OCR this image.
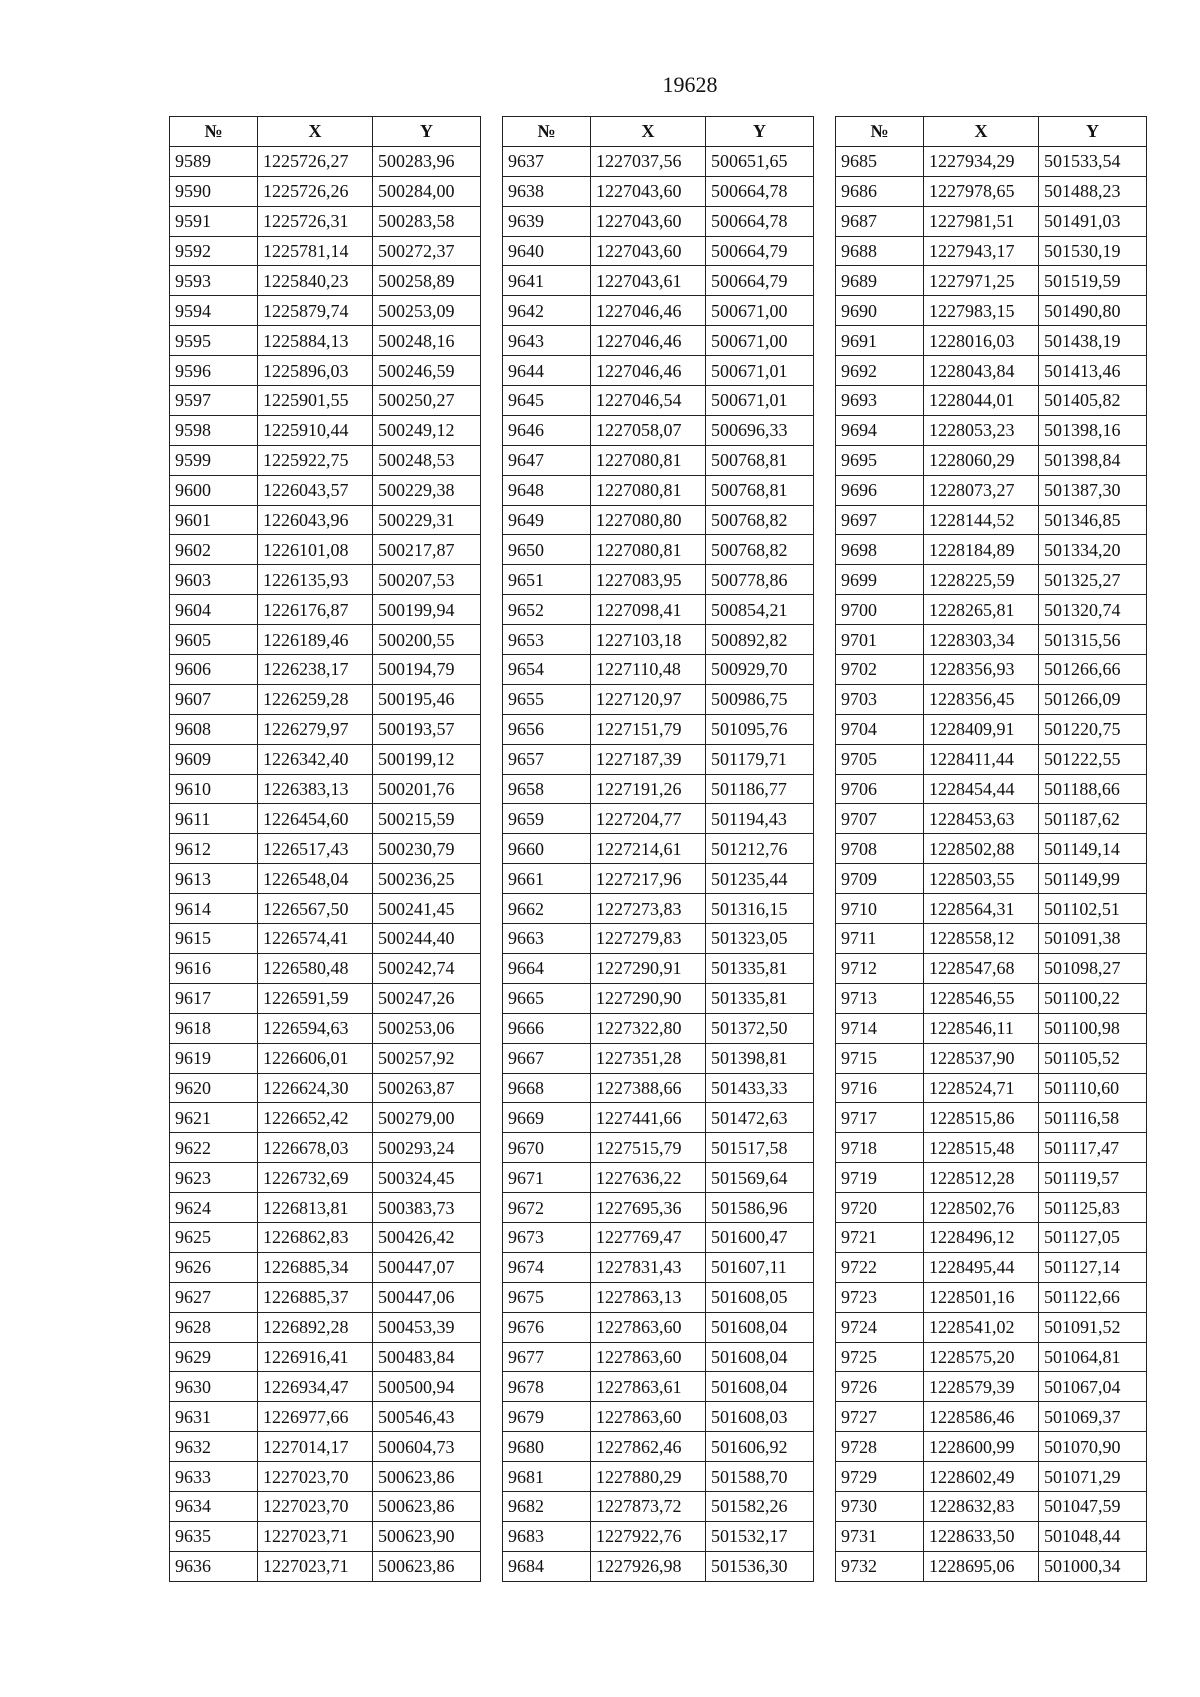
19628
№	X	Y
9589	1225726,27	500283,96
9590	1225726,26	500284,00
9591	1225726,31	500283,58
9592	1225781,14	500272,37
9593	1225840,23	500258,89
9594	1225879,74	500253,09
9595	1225884,13	500248,16
9596	1225896,03	500246,59
9597	1225901,55	500250,27
9598	1225910,44	500249,12
9599	1225922,75	500248,53
9600	1226043,57	500229,38
9601	1226043,96	500229,31
9602	1226101,08	500217,87
9603	1226135,93	500207,53
9604	1226176,87	500199,94
9605	1226189,46	500200,55
9606	1226238,17	500194,79
9607	1226259,28	500195,46
9608	1226279,97	500193,57
9609	1226342,40	500199,12
9610	1226383,13	500201,76
9611	1226454,60	500215,59
9612	1226517,43	500230,79
9613	1226548,04	500236,25
9614	1226567,50	500241,45
9615	1226574,41	500244,40
9616	1226580,48	500242,74
9617	1226591,59	500247,26
9618	1226594,63	500253,06
9619	1226606,01	500257,92
9620	1226624,30	500263,87
9621	1226652,42	500279,00
9622	1226678,03	500293,24
9623	1226732,69	500324,45
9624	1226813,81	500383,73
9625	1226862,83	500426,42
9626	1226885,34	500447,07
9627	1226885,37	500447,06
9628	1226892,28	500453,39
9629	1226916,41	500483,84
9630	1226934,47	500500,94
9631	1226977,66	500546,43
9632	1227014,17	500604,73
9633	1227023,70	500623,86
9634	1227023,70	500623,86
9635	1227023,71	500623,90
9636	1227023,71	500623,86
№	X	Y
9637	1227037,56	500651,65
9638	1227043,60	500664,78
9639	1227043,60	500664,78
9640	1227043,60	500664,79
9641	1227043,61	500664,79
9642	1227046,46	500671,00
9643	1227046,46	500671,00
9644	1227046,46	500671,01
9645	1227046,54	500671,01
9646	1227058,07	500696,33
9647	1227080,81	500768,81
9648	1227080,81	500768,81
9649	1227080,80	500768,82
9650	1227080,81	500768,82
9651	1227083,95	500778,86
9652	1227098,41	500854,21
9653	1227103,18	500892,82
9654	1227110,48	500929,70
9655	1227120,97	500986,75
9656	1227151,79	501095,76
9657	1227187,39	501179,71
9658	1227191,26	501186,77
9659	1227204,77	501194,43
9660	1227214,61	501212,76
9661	1227217,96	501235,44
9662	1227273,83	501316,15
9663	1227279,83	501323,05
9664	1227290,91	501335,81
9665	1227290,90	501335,81
9666	1227322,80	501372,50
9667	1227351,28	501398,81
9668	1227388,66	501433,33
9669	1227441,66	501472,63
9670	1227515,79	501517,58
9671	1227636,22	501569,64
9672	1227695,36	501586,96
9673	1227769,47	501600,47
9674	1227831,43	501607,11
9675	1227863,13	501608,05
9676	1227863,60	501608,04
9677	1227863,60	501608,04
9678	1227863,61	501608,04
9679	1227863,60	501608,03
9680	1227862,46	501606,92
9681	1227880,29	501588,70
9682	1227873,72	501582,26
9683	1227922,76	501532,17
9684	1227926,98	501536,30
№	X	Y
9685	1227934,29	501533,54
9686	1227978,65	501488,23
9687	1227981,51	501491,03
9688	1227943,17	501530,19
9689	1227971,25	501519,59
9690	1227983,15	501490,80
9691	1228016,03	501438,19
9692	1228043,84	501413,46
9693	1228044,01	501405,82
9694	1228053,23	501398,16
9695	1228060,29	501398,84
9696	1228073,27	501387,30
9697	1228144,52	501346,85
9698	1228184,89	501334,20
9699	1228225,59	501325,27
9700	1228265,81	501320,74
9701	1228303,34	501315,56
9702	1228356,93	501266,66
9703	1228356,45	501266,09
9704	1228409,91	501220,75
9705	1228411,44	501222,55
9706	1228454,44	501188,66
9707	1228453,63	501187,62
9708	1228502,88	501149,14
9709	1228503,55	501149,99
9710	1228564,31	501102,51
9711	1228558,12	501091,38
9712	1228547,68	501098,27
9713	1228546,55	501100,22
9714	1228546,11	501100,98
9715	1228537,90	501105,52
9716	1228524,71	501110,60
9717	1228515,86	501116,58
9718	1228515,48	501117,47
9719	1228512,28	501119,57
9720	1228502,76	501125,83
9721	1228496,12	501127,05
9722	1228495,44	501127,14
9723	1228501,16	501122,66
9724	1228541,02	501091,52
9725	1228575,20	501064,81
9726	1228579,39	501067,04
9727	1228586,46	501069,37
9728	1228600,99	501070,90
9729	1228602,49	501071,29
9730	1228632,83	501047,59
9731	1228633,50	501048,44
9732	1228695,06	501000,34
